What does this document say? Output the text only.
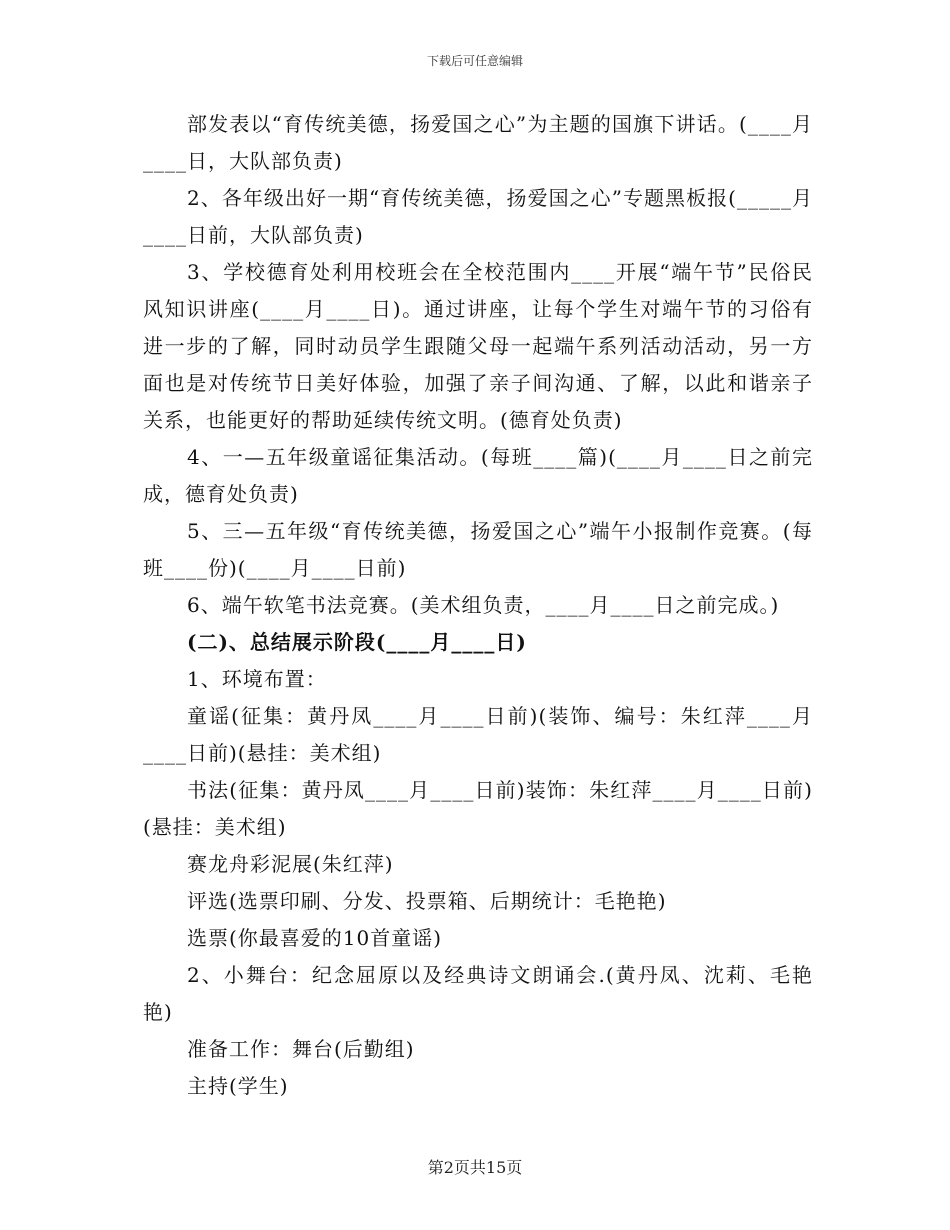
下载后可任意编辑

部发表以“育传统美德，扬爱国之心”为主题的国旗下讲话。(____月____日，大队部负责)

2、各年级出好一期“育传统美德，扬爱国之心”专题黑板报(_____月____日前，大队部负责)

3、学校德育处利用校班会在全校范围内____开展“端午节”民俗民风知识讲座(____月____日)。通过讲座，让每个学生对端午节的习俗有进一步的了解，同时动员学生跟随父母一起端午系列活动活动，另一方面也是对传统节日美好体验，加强了亲子间沟通、了解，以此和谐亲子关系，也能更好的帮助延续传统文明。(德育处负责)

4、一—五年级童谣征集活动。(每班____篇)(____月____日之前完成，德育处负责)

5、三—五年级“育传统美德，扬爱国之心”端午小报制作竞赛。(每班____份)(____月____日前)

6、端午软笔书法竞赛。(美术组负责，____月____日之前完成。)

(二)、总结展示阶段(____月____日)

1、环境布置：

童谣(征集：黄丹凤____月____日前)(装饰、编号：朱红萍____月____日前)(悬挂：美术组)

书法(征集：黄丹凤____月____日前)装饰：朱红萍____月____日前)(悬挂：美术组)

赛龙舟彩泥展(朱红萍)

评选(选票印刷、分发、投票箱、后期统计：毛艳艳)

选票(你最喜爱的10首童谣)

2、小舞台：纪念屈原以及经典诗文朗诵会.(黄丹凤、沈莉、毛艳艳)

准备工作：舞台(后勤组)

主持(学生)

第2页共15页
